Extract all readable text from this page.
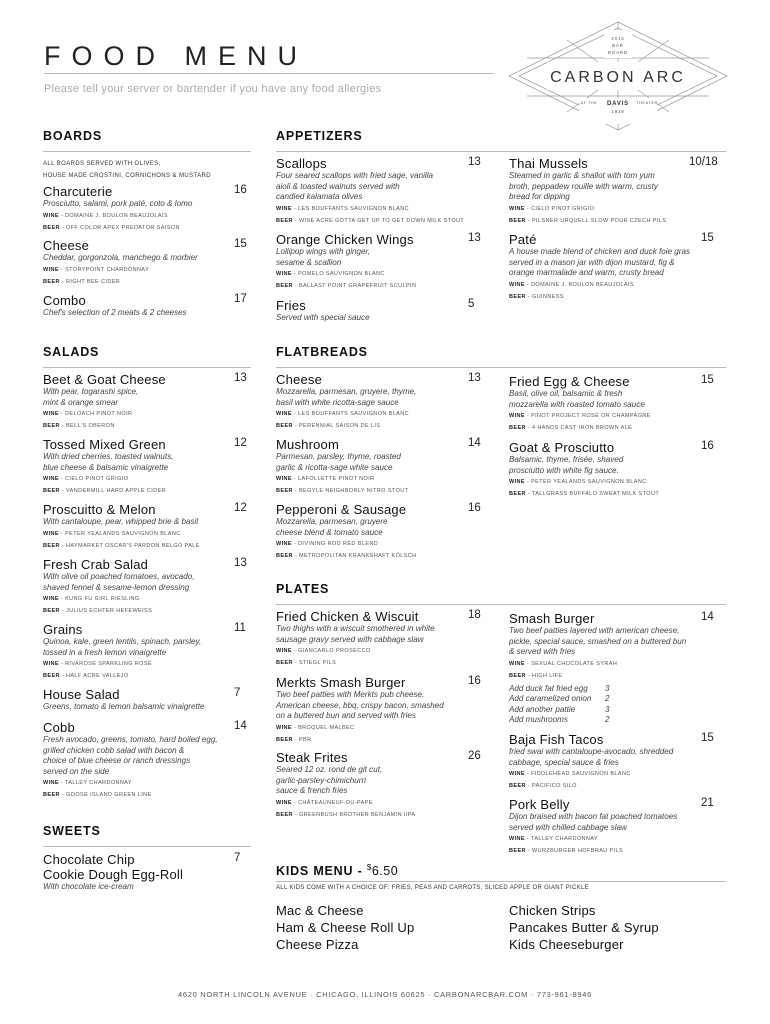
FOOD MENU
Please tell your server or bartender if you have any food allergies
2016
BAR
BOARD
CARBON ARC
AT THE DAVIS THEATER
1918
BOARDS
ALL BOARDS SERVED WITH OLIVES,
HOUSE MADE CROSTINI, CORNICHONS & MUSTARD
Charcuterie	16
Prosciutto, salami, pork paté, coto & lomo
WINE - DOMAINE J. BOULON BEAUJOLAIS
BEER - OFF COLOR APEX PREDATOR SAISON
Cheese	15
Cheddar, gorgonzola, manchego & morbier
WINE - STORYPOINT CHARDONNAY
BEER - RIGHT BEE CIDER
Combo	17
Chef's selection of 2 meats & 2 cheeses
APPETIZERS
Scallops	13
Four seared scallops with fried sage, vanilla
aioli & toasted walnuts served with
candied kalamata olives
WINE - LES BOUFFANTS SAUVIGNON BLANC
BEER - WISE ACRE GOTTA GET UP TO GET DOWN MILK STOUT
Orange Chicken Wings	13
Lollipop wings with ginger,
sesame & scallion
WINE - POMELO SAUVIGNON BLANC
BEER - BALLAST POINT GRAPEFRUIT SCULPIN
Fries	5
Served with special sauce
Thai Mussels	10/18
Steamed in garlic & shallot with tom yum
broth, peppadew rouille with warm, crusty
bread for dipping
WINE - CIELO PINOT GRIGIO
BEER - PILSNER URQUELL SLOW POUR CZECH PILS
Paté	15
A house made blend of chicken and duck foie gras
served in a mason jar with dijon mustard, fig &
orange marmalade and warm, crusty bread
WINE - DOMAINE J. BOULON BEAUJOLAIS
BEER - GUINNESS
SALADS
Beet & Goat Cheese	13
With pear, togarashi spice,
mint & orange smear
WINE - DELOACH PINOT NOIR
BEER - BELL'S OBERON
Tossed Mixed Green	12
With dried cherries, toasted walnuts,
blue cheese & balsamic vinaigrette
WINE - CIELO PINOT GRIGIO
BEER - VANDERMILL HARD APPLE CIDER
Proscuitto & Melon	12
With cantaloupe, pear, whipped brie & basil
WINE - PETER YEALANDS SAUVIGNON BLANC
BEER - HAYMARKET OSCAR'S PARDON BELGO PALE
Fresh Crab Salad	13
With olive oil poached tomatoes, avocado,
shaved fennel & sesame-lemon dressing
WINE - KUNG FU GIRL RIESLING
BEER - JULIUS ECHTER HEFEWEISS
Grains	11
Quinoa, kale, green lentils, spinach, parsley,
tossed in a fresh lemon vinaigrette
WINE - RIVAROSE SPARKLING ROSÉ
BEER - HALF ACRE VALLEJO
House Salad	7
Greens, tomato & lemon balsamic vinaigrette
Cobb	14
Fresh avocado, greens, tomato, hard boiled egg,
grilled chicken cobb salad with bacon &
choice of blue cheese or ranch dressings
served on the side
WINE - TALLEY CHARDONNAY
BEER - GOOSE ISLAND GREEN LINE
FLATBREADS
Cheese	13
Mozzarella, parmesan, gruyere, thyme,
basil with white ricotta-sage sauce
WINE - LES BOUFFANTS SAUVIGNON BLANC
BEER - PERENNIAL SAISON DE LIS
Mushroom	14
Parmesan, parsley, thyme, roasted
garlic & ricotta-sage white sauce
WINE - LAFOLLETTE PINOT NOIR
BEER - BEGYLE NEIGHBORLY NITRO STOUT
Pepperoni & Sausage	16
Mozzarella, parmesan, gruyere
cheese blend & tomato sauce
WINE - DIVINING ROD RED BLEND
BEER - METROPOLITAN KRANKSHAFT KÖLSCH
Fried Egg & Cheese	15
Basil, olive oil, balsamic & fresh
mozzarella with roasted tomato sauce
WINE - PINOT PROJECT ROSÉ OR CHAMPAGNE
BEER - 4 HANDS CAST IRON BROWN ALE
Goat & Prosciutto	16
Balsamic, thyme, frisée, shaved
prosciutto with white fig sauce.
WINE - PETER YEALANDS SAUVIGNON BLANC
BEER - TALLGRASS BUFFALO SWEAT MILK STOUT
PLATES
Fried Chicken & Wiscuit	18
Two thighs with a wiscuit smothered in white
sausage gravy served with cabbage slaw
WINE - GIANCARLO PROSECCO
BEER - STIEGL PILS
Merkts Smash Burger	16
Two beef patties with Merkts pub cheese,
American cheese, bbq, crispy bacon, smashed
on a buttered bun and served with fries
WINE - BROQUEL MALBEC
BEER - PBR
Steak Frites	26
Seared 12 oz. rond de git cut,
garlic-parsley-chimichurri
sauce & french fries
WINE - CHÂTEAUNEUF-DU-PAPE
BEER - GREENBUSH BROTHER BENJAMIN IIPA
Smash Burger	14
Two beef patties layered with american cheese,
pickle, special sauce, smashed on a buttered bun
& served with fries
WINE - SEXUAL CHOCOLATE SYRAH
BEER - HIGH LIFE
Add duck fat fried egg 3
Add caramelized onion 2
Add another pattie	3
Add mushrooms	2
Baja Fish Tacos	15
fried swai with cantaloupe-avocado, shredded
cabbage, special sauce & fries
WINE - FIDDLEHEAD SAUVIGNON BLANC
BEER - PACIFICO SILO
Pork Belly	21
Dijon braised with bacon fat poached tomatoes
served with chilled cabbage slaw
WINE - TALLEY CHARDONNAY
BEER - WURZBURGER HOFBRAU PILS
SWEETS
Chocolate Chip
Cookie Dough Egg-Roll
7
With chocolate ice-cream
KIDS MENU - $6.50
ALL KIDS COME WITH A CHOICE OF: FRIES, PEAS AND CARROTS, SLICED APPLE OR GIANT PICKLE
Mac & Cheese
Ham & Cheese Roll Up
Cheese Pizza
Chicken Strips
Pancakes Butter & Syrup
Kids Cheeseburger
4620 NORTH LINCOLN AVENUE · CHICAGO, ILLINOIS 60625 · CARBONARCBAR.COM · 773-961-8946
